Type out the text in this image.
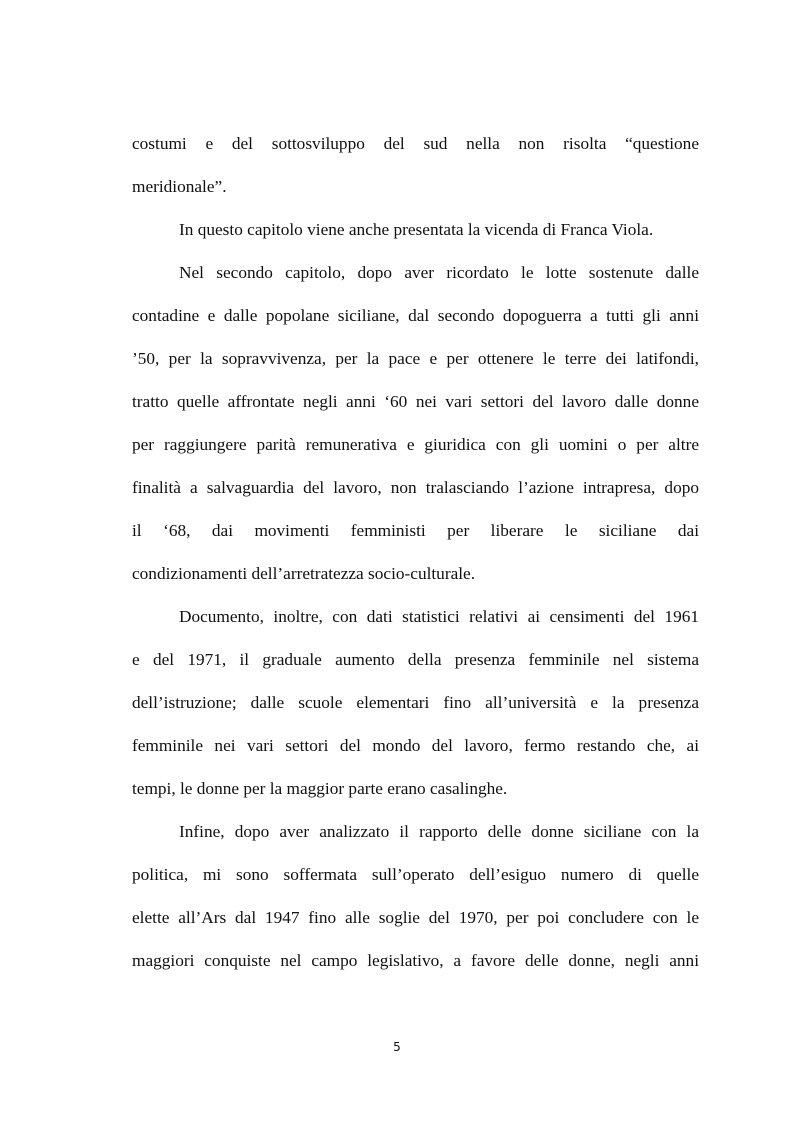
costumi e del sottosviluppo del sud nella non risolta “questione
meridionale”.
In questo capitolo viene anche presentata la vicenda di Franca Viola.
Nel secondo capitolo, dopo aver ricordato le lotte sostenute dalle
contadine e dalle popolane siciliane, dal secondo dopoguerra a tutti gli anni
’50, per la sopravvivenza, per la pace e per ottenere le terre dei latifondi,
tratto quelle affrontate negli anni ‘60 nei vari settori del lavoro dalle donne
per raggiungere parità remunerativa e giuridica con gli uomini o per altre
finalità a salvaguardia del lavoro, non tralasciando l’azione intrapresa, dopo
il ‘68, dai movimenti femministi per liberare le siciliane dai
condizionamenti dell’arretratezza socio-culturale.
Documento, inoltre, con dati statistici relativi ai censimenti del 1961
e del 1971, il graduale aumento della presenza femminile nel sistema
dell’istruzione; dalle scuole elementari fino all’università e la presenza
femminile nei vari settori del mondo del lavoro, fermo restando che, ai
tempi, le donne per la maggior parte erano casalinghe.
Infine, dopo aver analizzato il rapporto delle donne siciliane con la
politica, mi sono soffermata sull’operato dell’esiguo numero di quelle
elette all’Ars dal 1947 fino alle soglie del 1970, per poi concludere con le
maggiori conquiste nel campo legislativo, a favore delle donne, negli anni
5
